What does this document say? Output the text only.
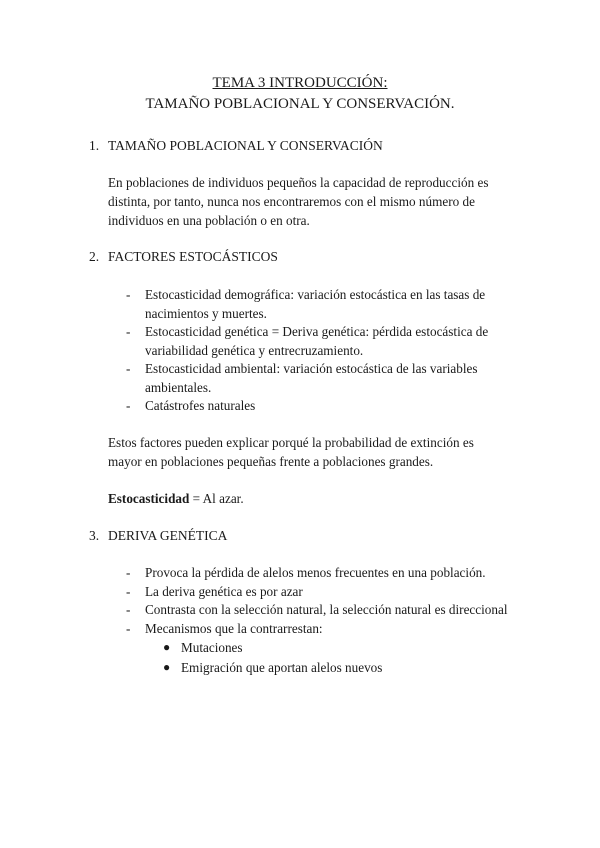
TEMA 3 INTRODUCCIÓN:
TAMAÑO POBLACIONAL Y CONSERVACIÓN.
1. TAMAÑO POBLACIONAL Y CONSERVACIÓN

En poblaciones de individuos pequeños la capacidad de reproducción es distinta, por tanto, nunca nos encontraremos con el mismo número de individuos en una población o en otra.

2. FACTORES ESTOCÁSTICOS
- Estocasticidad demográfica: variación estocástica en las tasas de nacimientos y muertes.
- Estocasticidad genética = Deriva genética: pérdida estocástica de variabilidad genética y entrecruzamiento.
- Estocasticidad ambiental: variación estocástica de las variables ambientales.
- Catástrofes naturales

Estos factores pueden explicar porqué la probabilidad de extinción es mayor en poblaciones pequeñas frente a poblaciones grandes.

Estocasticidad = Al azar.

3. DERIVA GENÉTICA
- Provoca la pérdida de alelos menos frecuentes en una población.
- La deriva genética es por azar
- Contrasta con la selección natural, la selección natural es direccional
- Mecanismos que la contrarrestan:
● Mutaciones
● Emigración que aportan alelos nuevos
